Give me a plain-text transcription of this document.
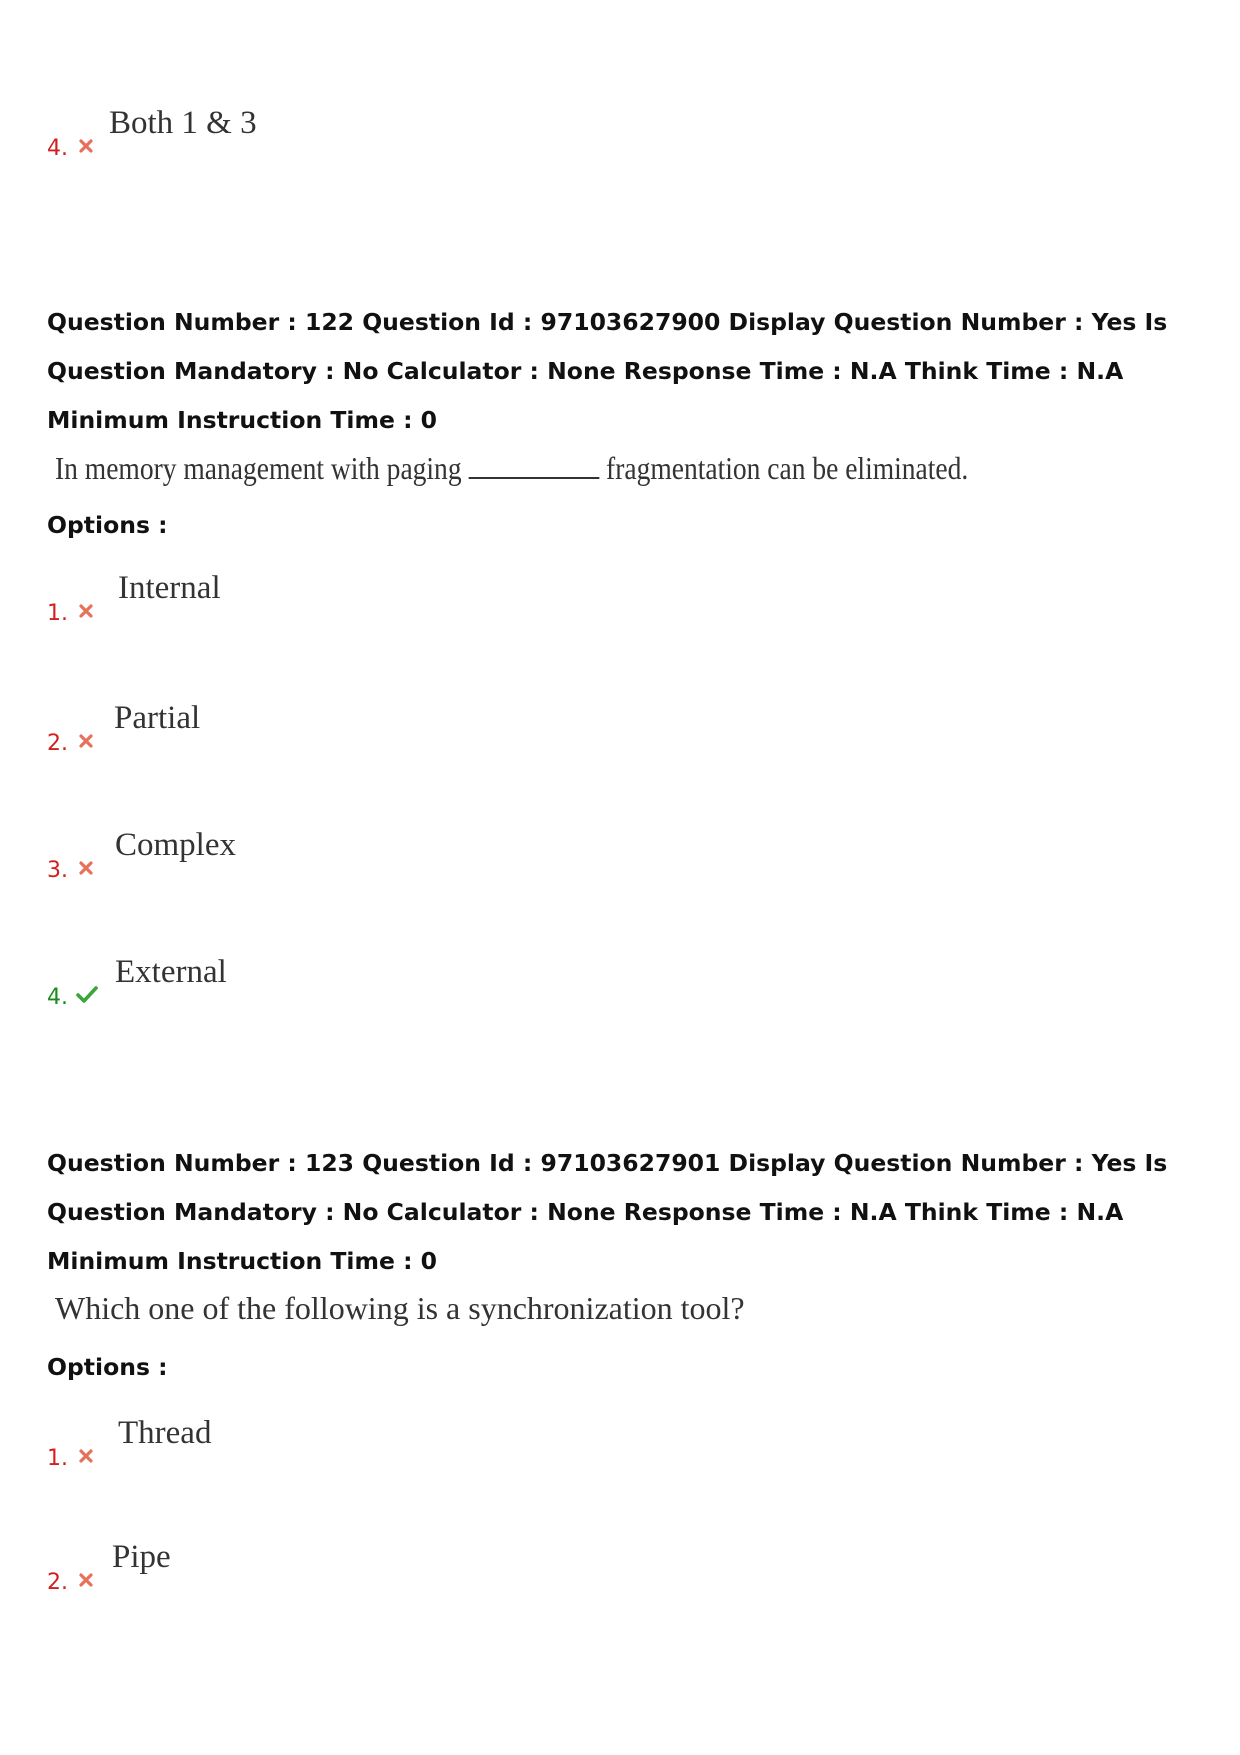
4.
Both 1 & 3
Question Number : 122 Question Id : 97103627900 Display Question Number : Yes Is Question Mandatory : No Calculator : None Response Time : N.A Think Time : N.A Minimum Instruction Time : 0
In memory management with paging	fragmentation can be eliminated.
Options :
1.
Internal
2.
Partial
3.
Complex
4.
External
Question Number : 123 Question Id : 97103627901 Display Question Number : Yes Is Question Mandatory : No Calculator : None Response Time : N.A Think Time : N.A Minimum Instruction Time : 0
Which one of the following is a synchronization tool?
Options :
1.
Thread
2.
Pipe
